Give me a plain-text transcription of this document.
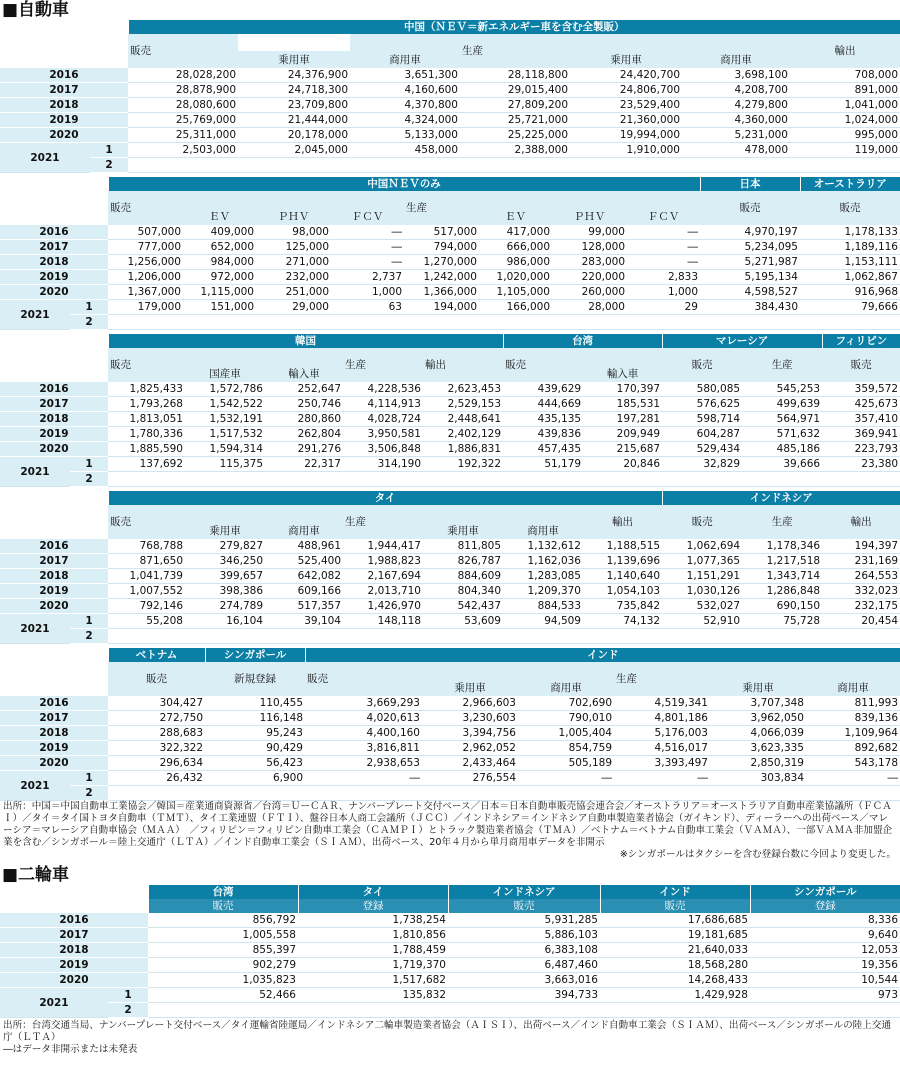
■自動車
		中国（ＮＥＶ＝新エネルギー車を含む全製販）						
		販売			生産			輸出
			乗用車	商用車		乗用車	商用車	
2016		28,028,200	24,376,900	3,651,300	28,118,800	24,420,700	3,698,100	708,000
2017		28,878,900	24,718,300	4,160,600	29,015,400	24,806,700	4,208,700	891,000
2018		28,080,600	23,709,800	4,370,800	27,809,200	23,529,400	4,279,800	1,041,000
2019		25,769,000	21,444,000	4,324,000	25,721,000	21,360,000	4,360,000	1,024,000
2020		25,311,000	20,178,000	5,133,000	25,225,000	19,994,000	5,231,000	995,000
2021	1	2,503,000	2,045,000	458,000	2,388,000	1,910,000	478,000	119,000
	2							
		中国ＮＥＶのみ								日本	オーストラリア
		販売				生産				販売	販売
			ＥＶ	ＰＨＶ	ＦＣＶ		ＥＶ	ＰＨＶ	ＦＣＶ		
2016		507,000	409,000	98,000	―	517,000	417,000	99,000	―	4,970,197	1,178,133
2017		777,000	652,000	125,000	―	794,000	666,000	128,000	―	5,234,095	1,189,116
2018		1,256,000	984,000	271,000	―	1,270,000	986,000	283,000	―	5,271,987	1,153,111
2019		1,206,000	972,000	232,000	2,737	1,242,000	1,020,000	220,000	2,833	5,195,134	1,062,867
2020		1,367,000	1,115,000	251,000	1,000	1,366,000	1,105,000	260,000	1,000	4,598,527	916,968
2021	1	179,000	151,000	29,000	63	194,000	166,000	28,000	29	384,430	79,666
	2										
		韓国					台湾		マレーシア		フィリピン
		販売			生産	輸出	販売		販売	生産	販売
			国産車	輸入車				輸入車			
2016		1,825,433	1,572,786	252,647	4,228,536	2,623,453	439,629	170,397	580,085	545,253	359,572
2017		1,793,268	1,542,522	250,746	4,114,913	2,529,153	444,669	185,531	576,625	499,639	425,673
2018		1,813,051	1,532,191	280,860	4,028,724	2,448,641	435,135	197,281	598,714	564,971	357,410
2019		1,780,336	1,517,532	262,804	3,950,581	2,402,129	439,836	209,949	604,287	571,632	369,941
2020		1,885,590	1,594,314	291,276	3,506,848	1,886,831	457,435	215,687	529,434	485,186	223,793
2021	1	137,692	115,375	22,317	314,190	192,322	51,179	20,846	32,829	39,666	23,380
	2										
		タイ							インドネシア		
		販売			生産			輸出	販売	生産	輸出
			乗用車	商用車		乗用車	商用車				
2016		768,788	279,827	488,961	1,944,417	811,805	1,132,612	1,188,515	1,062,694	1,178,346	194,397
2017		871,650	346,250	525,400	1,988,823	826,787	1,162,036	1,139,696	1,077,365	1,217,518	231,169
2018		1,041,739	399,657	642,082	2,167,694	884,609	1,283,085	1,140,640	1,151,291	1,343,714	264,553
2019		1,007,552	398,386	609,166	2,013,710	804,340	1,209,370	1,054,103	1,030,126	1,286,848	332,023
2020		792,146	274,789	517,357	1,426,970	542,437	884,533	735,842	532,027	690,150	232,175
2021	1	55,208	16,104	39,104	148,118	53,609	94,509	74,132	52,910	75,728	20,454
	2										
		ベトナム	シンガポール	インド					
		販売	新規登録	販売			生産		
					乗用車	商用車		乗用車	商用車
2016		304,427	110,455	3,669,293	2,966,603	702,690	4,519,341	3,707,348	811,993
2017		272,750	116,148	4,020,613	3,230,603	790,010	4,801,186	3,962,050	839,136
2018		288,683	95,243	4,400,160	3,394,756	1,005,404	5,176,003	4,066,039	1,109,964
2019		322,322	90,429	3,816,811	2,962,052	854,759	4,516,017	3,623,335	892,682
2020		296,634	56,423	2,938,653	2,433,464	505,189	3,393,497	2,850,319	543,178
2021	1	26,432	6,900	―	276,554	―	―	303,834	―
	2								
出所：中国＝中国自動車工業協会／韓国＝産業通商資源省／台湾＝ＵーＣＡＲ、ナンバープレート交付ベース／日本＝日本自動車販売協会連合会／オーストラリア＝オーストラリア自動車産業協議所（ＦＣＡＩ）／タイ＝タイ国トヨタ自動車（ＴＭＴ）、タイ工業連盟（ＦＴＩ）、盤谷日本人商工会議所（ＪＣＣ）／インドネシア＝インドネシア自動車製造業者協会（ガイキンド）、ディーラーへの出荷ベース／マレーシア＝マレーシア自動車協会（ＭＡＡ）　／フィリピン＝フィリピン自動車工業会（ＣＡＭＰＩ）とトラック製造業者協会（ＴＭＡ）／ベトナム＝ベトナム自動車工業会（ＶＡＭＡ）、一部ＶＡＭＡ非加盟企業を含む／シンガポール＝陸上交通庁（ＬＴＡ）／インド自動車工業会（ＳＩＡＭ）、出荷ベース、20年４月から単月商用車データを非開示
※シンガポールはタクシーを含む登録台数に今回より変更した。
■二輪車
		台湾	タイ	インドネシア	インド	シンガポール
		販売	登録	販売	販売	登録
2016		856,792	1,738,254	5,931,285	17,686,685	8,336
2017		1,005,558	1,810,856	5,886,103	19,181,685	9,640
2018		855,397	1,788,459	6,383,108	21,640,033	12,053
2019		902,279	1,719,370	6,487,460	18,568,280	19,356
2020		1,035,823	1,517,682	3,663,016	14,268,433	10,544
2021	1	52,466	135,832	394,733	1,429,928	973
	2					
出所：台湾交通当局、ナンバープレート交付ベース／タイ運輸省陸運局／インドネシア二輪車製造業者協会（ＡＩＳＩ）、出荷ベース／インド自動車工業会（ＳＩＡＭ）、出荷ベース／シンガポールの陸上交通庁（ＬＴＡ）
―はデータ非開示または未発表
